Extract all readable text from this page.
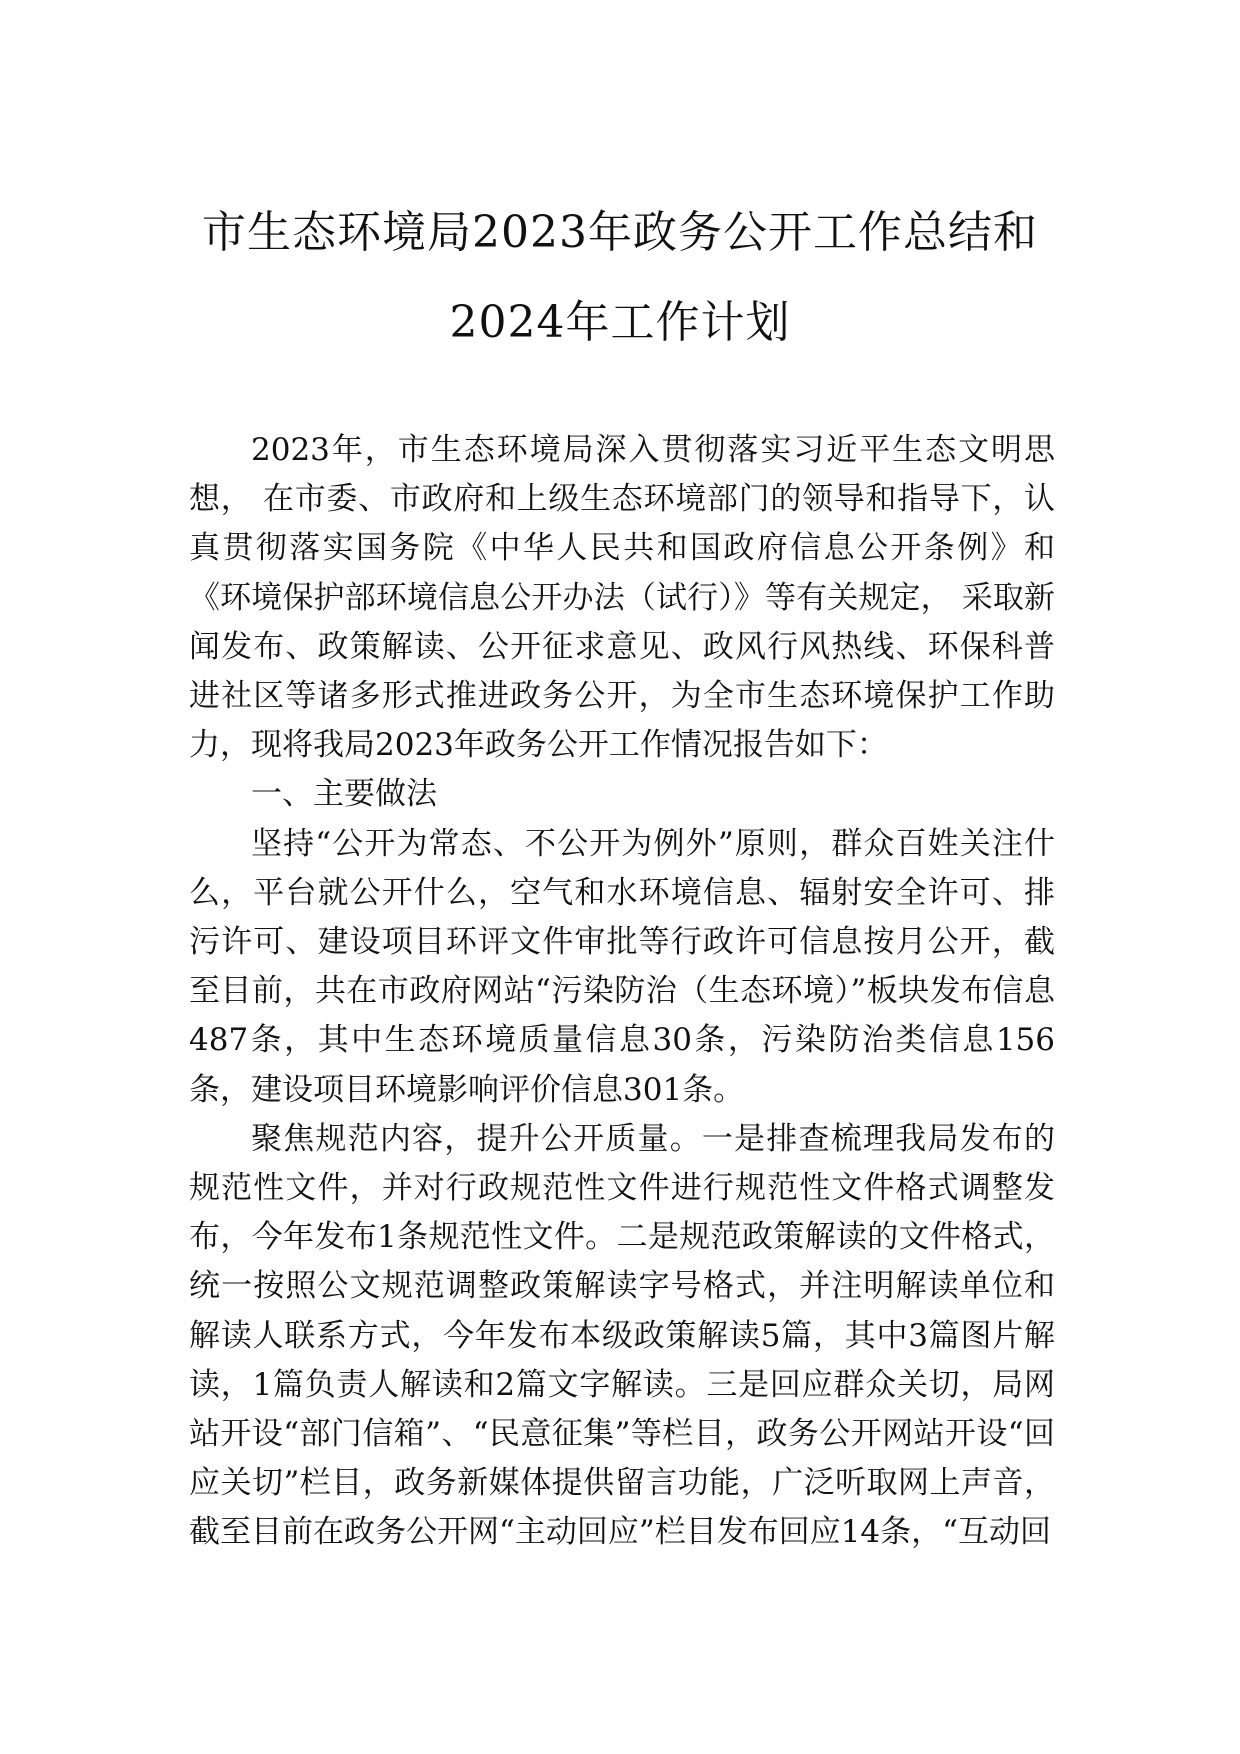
市生态环境局2023年政务公开工作总结和
2024年工作计划

2023年，市生态环境局深入贯彻落实习近平生态文明思想， 在市委、市政府和上级生态环境部门的领导和指导下，认真贯彻落实国务院《中华人民共和国政府信息公开条例》和《环境保护部环境信息公开办法（试行）》等有关规定， 采取新闻发布、政策解读、公开征求意见、政风行风热线、环保科普进社区等诸多形式推进政务公开，为全市生态环境保护工作助力，现将我局2023年政务公开工作情况报告如下：

一、主要做法

坚持“公开为常态、不公开为例外”原则，群众百姓关注什么，平台就公开什么，空气和水环境信息、辐射安全许可、排污许可、建设项目环评文件审批等行政许可信息按月公开，截至目前，共在市政府网站“污染防治（生态环境）”板块发布信息487条，其中生态环境质量信息30条，污染防治类信息156条，建设项目环境影响评价信息301条。

聚焦规范内容，提升公开质量。一是排查梳理我局发布的规范性文件，并对行政规范性文件进行规范性文件格式调整发布，今年发布1条规范性文件。二是规范政策解读的文件格式，统一按照公文规范调整政策解读字号格式，并注明解读单位和解读人联系方式，今年发布本级政策解读5篇，其中3篇图片解读，1篇负责人解读和2篇文字解读。三是回应群众关切，局网站开设“部门信箱”、“民意征集”等栏目，政务公开网站开设“回应关切”栏目，政务新媒体提供留言功能，广泛听取网上声音，截至目前在政务公开网“主动回应”栏目发布回应14条，“互动回
